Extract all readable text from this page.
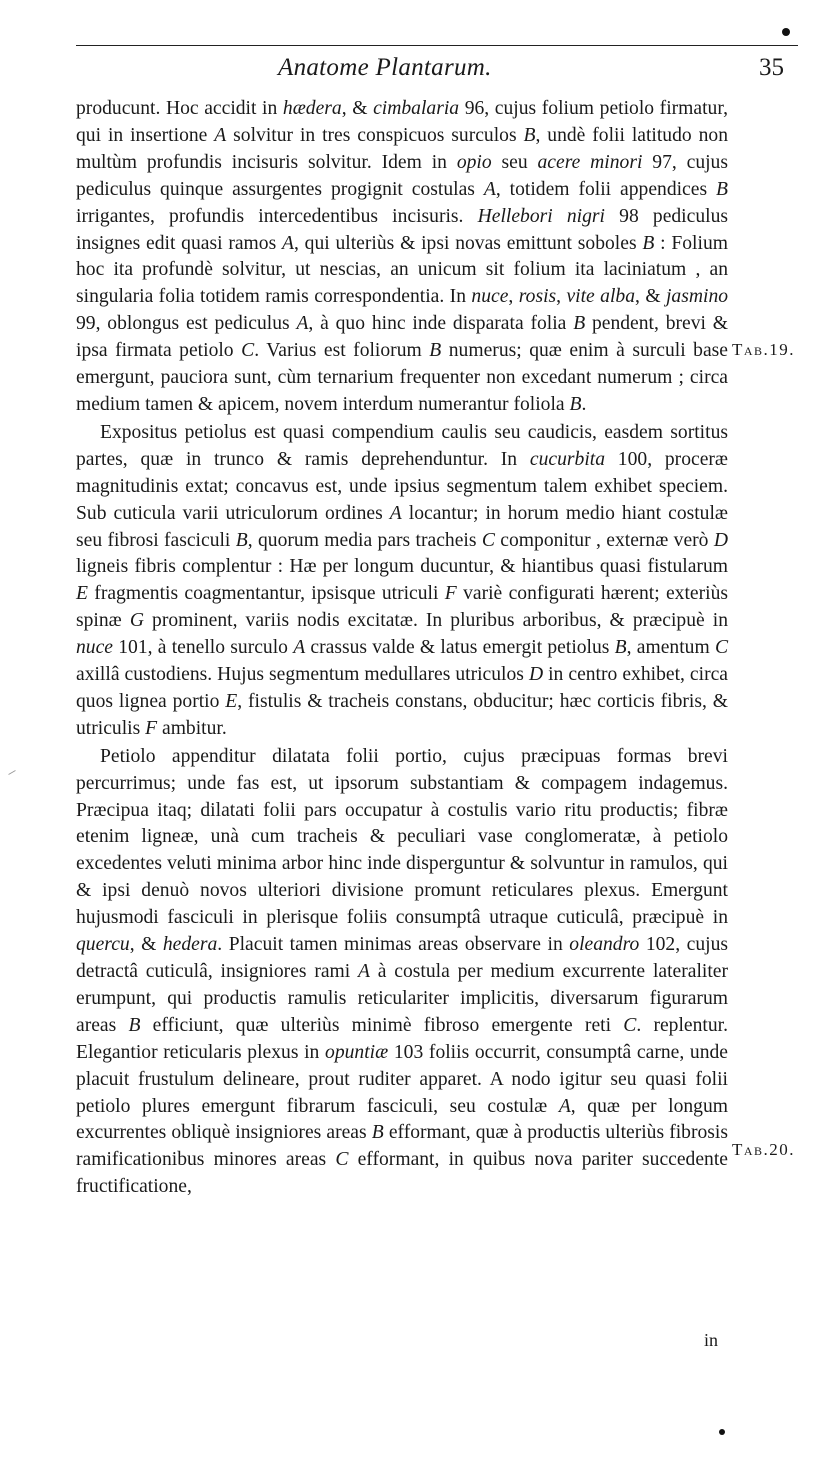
Anatome Plantarum.	35

producunt. Hoc accidit in hædera, & cimbalaria 96, cujus folium petiolo firmatur, qui in insertione A solvitur in tres conspicuos surculos B, undè folii latitudo non multùm profundis incisuris solvitur. Idem in opio seu acere minori 97, cujus pediculus quinque assurgentes progignit costulas A, totidem folii appendices B irrigantes, profundis intercedentibus incisuris. Hellebori nigri 98 pediculus insignes edit quasi ramos A, qui ulteriùs & ipsi novas emittunt soboles B : Folium hoc ita profundè solvitur, ut nescias, an unicum sit folium ita laciniatum , an singularia folia totidem ramis correspondentia. In nuce, rosis, vite alba, & jasmino 99, oblongus est pediculus A, à quo hinc inde disparata folia B pendent, brevi & ipsa firmata petiolo C. Varius est foliorum B numerus; quæ enim à surculi base emergunt, pauciora sunt, cùm ternarium frequenter non excedant numerum ; circa medium tamen & apicem, novem interdum numerantur foliola B.

Expositus petiolus est quasi compendium caulis seu caudicis, easdem sortitus partes, quæ in trunco & ramis deprehenduntur. In cucurbita 100, proceræ magnitudinis extat; concavus est, unde ipsius segmentum talem exhibet speciem. Sub cuticula varii utriculorum ordines A locantur; in horum medio hiant costulæ seu fibrosi fasciculi B, quorum media pars tracheis C componitur , externæ verò D ligneis fibris complentur : Hæ per longum ducuntur, & hiantibus quasi fistularum E fragmentis coagmentantur, ipsisque utriculi F variè configurati hærent; exteriùs spinæ G prominent, variis nodis excitatæ. In pluribus arboribus, & præcipuè in nuce 101, à tenello surculo A crassus valde & latus emergit petiolus B, amentum C axillâ custodiens. Hujus segmentum medullares utriculos D in centro exhibet, circa quos lignea portio E, fistulis & tracheis constans, obducitur; hæc corticis fibris, & utriculis F ambitur.

Petiolo appenditur dilatata folii portio, cujus præcipuas formas brevi percurrimus; unde fas est, ut ipsorum substantiam & compagem indagemus. Præcipua itaq; dilatati folii pars occupatur à costulis vario ritu productis; fibræ etenim ligneæ, unà cum tracheis & peculiari vase conglomeratæ, à petiolo excedentes veluti minima arbor hinc inde disperguntur & solvuntur in ramulos, qui & ipsi denuò novos ulteriori divisione promunt reticulares plexus. Emergunt hujusmodi fasciculi in plerisque foliis consumptâ utraque cuticulâ, præcipuè in quercu, & hedera. Placuit tamen minimas areas observare in oleandro 102, cujus detractâ cuticulâ, insigniores rami A à costula per medium excurrente lateraliter erumpunt, qui productis ramulis reticulariter implicitis, diversarum figurarum areas B efficiunt, quæ ulteriùs minimè fibroso emergente reti C. replentur. Elegantior reticularis plexus in opuntiæ 103 foliis occurrit, consumptâ carne, unde placuit frustulum delineare, prout ruditer apparet. A nodo igitur seu quasi folii petiolo plures emergunt fibrarum fasciculi, seu costulæ A, quæ per longum excurrentes obliquè insigniores areas B efformant, quæ à productis ulteriùs fibrosis ramificationibus minores areas C efformant, in quibus nova pariter succedente fructificatione,

Tab.19.
Tab.20.
in
